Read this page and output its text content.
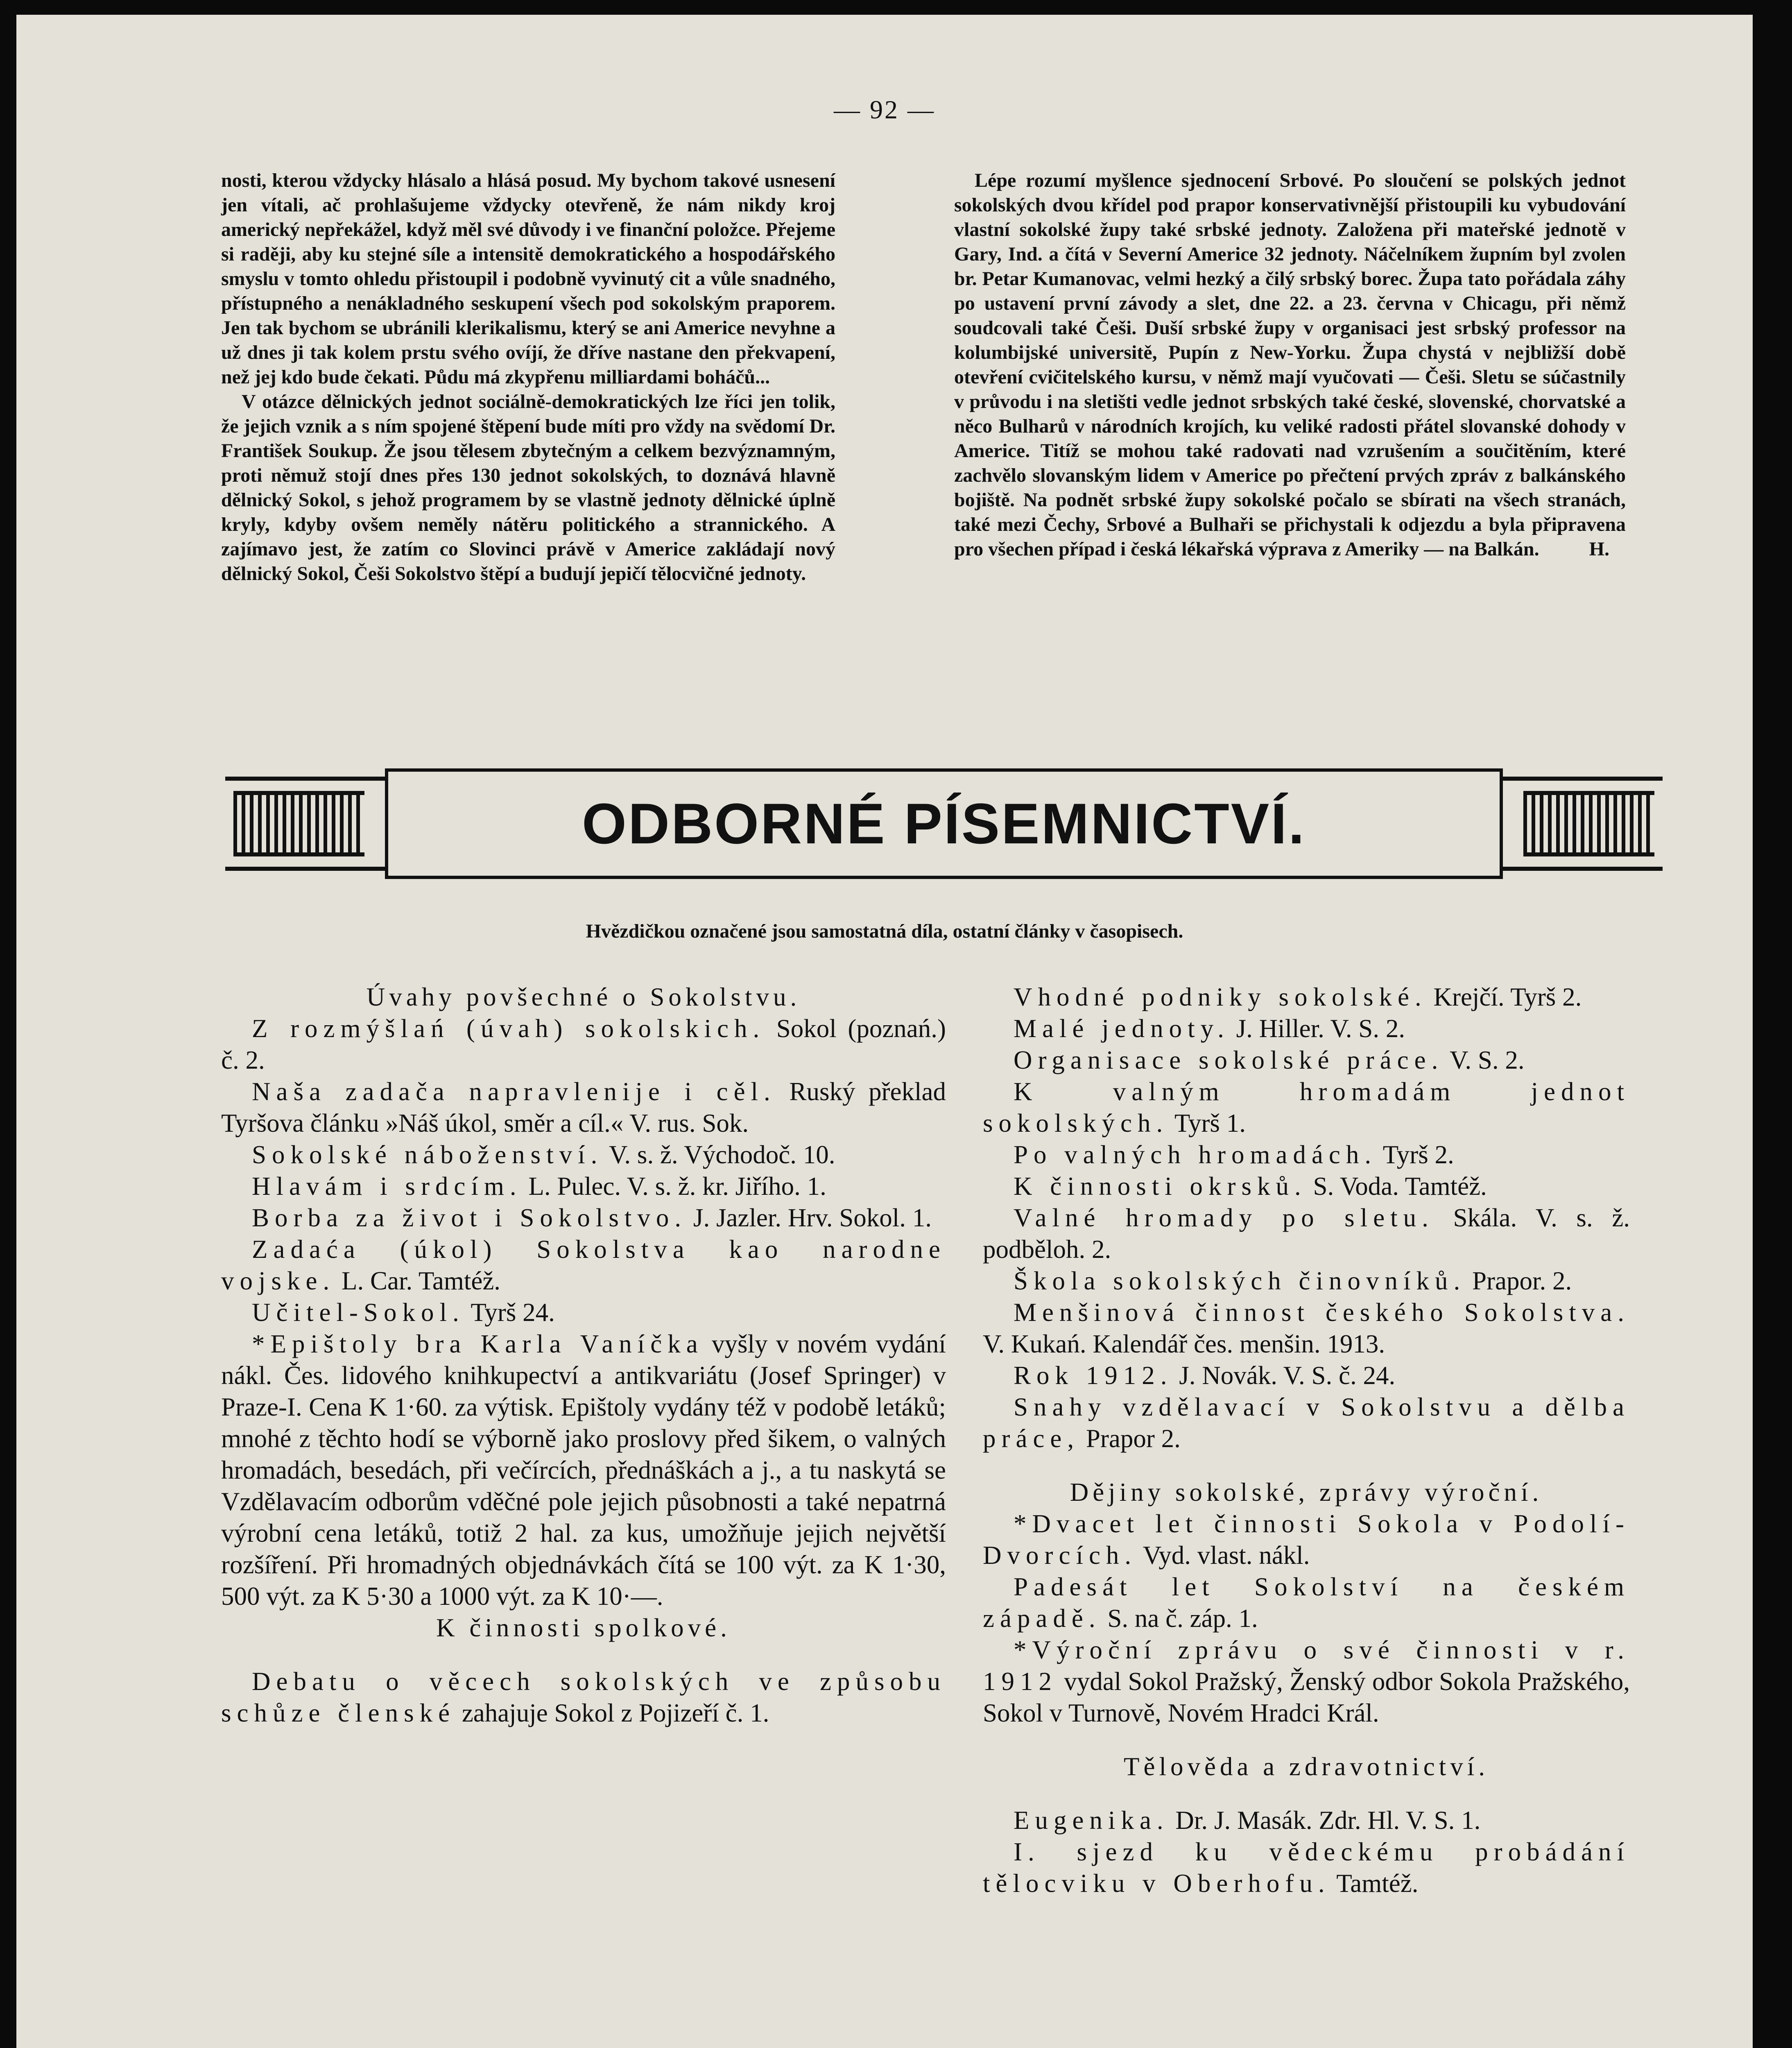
— 92 —

nosti, kterou vždycky hlásalo a hlásá posud. My bychom takové usnesení jen vítali, ač prohlašujeme vždycky otevřeně, že nám nikdy kroj americký nepřekážel, když měl své důvody i ve finanční položce. Přejeme si raději, aby ku stejné síle a intensitě demokratického a hospodářského smyslu v tomto ohledu přistoupil i podobně vyvinutý cit a vůle snadného, přístupného a nenákladného seskupení všech pod sokolským praporem. Jen tak bychom se ubránili klerikalismu, který se ani Americe nevyhne a už dnes ji tak kolem prstu svého ovíjí, že dříve nastane den překvapení, než jej kdo bude čekati. Půdu má zkypřenu milliardami boháčů...

V otázce dělnických jednot sociálně-demokratických lze říci jen tolik, že jejich vznik a s ním spojené štěpení bude míti pro vždy na svědomí Dr. František Soukup. Že jsou tělesem zbytečným a celkem bezvýznamným, proti němuž stojí dnes přes 130 jednot sokolských, to doznává hlavně dělnický Sokol, s jehož programem by se vlastně jednoty dělnické úplně kryly, kdyby ovšem neměly nátěru politického a strannického. A zajímavo jest, že zatím co Slovinci právě v Americe zakládají nový dělnický Sokol, Češi Sokolstvo štěpí a budují jepičí tělocvičné jednoty.

Lépe rozumí myšlence sjednocení Srbové. Po sloučení se polských jednot sokolských dvou křídel pod prapor konservativnější přistoupili ku vybudování vlastní sokolské župy také srbské jednoty. Založena při mateřské jednotě v Gary, Ind. a čítá v Severní Americe 32 jednoty. Náčelníkem župním byl zvolen br. Petar Kumanovac, velmi hezký a čilý srbský borec. Župa tato pořádala záhy po ustavení první závody a slet, dne 22. a 23. června v Chicagu, při němž soudcovali také Češi. Duší srbské župy v organisaci jest srbský professor na kolumbijské universitě, Pupín z New-Yorku. Župa chystá v nejbližší době otevření cvičitelského kursu, v němž mají vyučovati — Češi. Sletu se súčastnily v průvodu i na sletišti vedle jednot srbských také české, slovenské, chorvatské a něco Bulharů v národních krojích, ku veliké radosti přátel slovanské dohody v Americe. Titíž se mohou také radovati nad vzrušením a součitěním, které zachvělo slovanským lidem v Americe po přečtení prvých zpráv z balkánského bojiště. Na podnět srbské župy sokolské počalo se sbírati na všech stranách, také mezi Čechy, Srbové a Bulhaři se přichystali k odjezdu a byla připravena pro všechen případ i česká lékařská výprava z Ameriky — na Balkán.	H.

ODBORNÉ PÍSEMNICTVÍ.
Hvězdičkou označené jsou samostatná díla, ostatní články v časopisech.
Úvahy povšechné o Sokolstvu.

Z rozmýšlań (úvah) sokolskich. Sokol (poznań.) č. 2.

Naša zadača napravlenije i cěl. Ruský překlad Tyršova článku »Náš úkol, směr a cíl.« V. rus. Sok.

Sokolské náboženství. V. s. ž. Východoč. 10.

Hlavám i srdcím. L. Pulec. V. s. ž. kr. Jiřího. 1.

Borba za život i Sokolstvo. J. Jazler. Hrv. Sokol. 1.

Zadaća (úkol) Sokolstva kao narodne vojske. L. Car. Tamtéž.

Učitel-Sokol. Tyrš 24.

*Epištoly bra Karla Vaníčka vyšly v novém vydání nákl. Čes. lidového knihkupectví a antikvariátu (Josef Springer) v Praze-I. Cena K 1·60. za výtisk. Epištoly vydány též v podobě letáků; mnohé z těchto hodí se výborně jako proslovy před šikem, o valných hromadách, besedách, při večírcích, přednáškách a j., a tu naskytá se Vzdělavacím odborům vděčné pole jejich působnosti a také nepatrná výrobní cena letáků, totiž 2 hal. za kus, umožňuje jejich největší rozšíření. Při hromadných objednávkách čítá se 100 výt. za K 1·30, 500 výt. za K 5·30 a 1000 výt. za K 10·—.

K činnosti spolkové.

Debatu o věcech sokolských ve způsobu schůze členské zahajuje Sokol z Pojizeří č. 1.

Vhodné podniky sokolské. Krejčí. Tyrš 2.

Malé jednoty. J. Hiller. V. S. 2.

Organisace sokolské práce. V. S. 2.

K valným hromadám jednot sokolských. Tyrš 1.

Po valných hromadách. Tyrš 2.

K činnosti okrsků. S. Voda. Tamtéž.

Valné hromady po sletu. Skála. V. s. ž. podběloh. 2.

Škola sokolských činovníků. Prapor. 2.

Menšinová činnost českého Sokolstva. V. Kukań. Kalendář čes. menšin. 1913.

Rok 1912. J. Novák. V. S. č. 24.

Snahy vzdělavací v Sokolstvu a dělba práce, Prapor 2.

Dějiny sokolské, zprávy výroční.

*Dvacet let činnosti Sokola v Podolí-Dvorcích. Vyd. vlast. nákl.

Padesát let Sokolství na českém západě. S. na č. záp. 1.

*Výroční zprávu o své činnosti v r. 1912 vydal Sokol Pražský, Ženský odbor Sokola Pražského, Sokol v Turnově, Novém Hradci Král.

Tělověda a zdravotnictví.

Eugenika. Dr. J. Masák. Zdr. Hl. V. S. 1.

I. sjezd ku vědeckému probádání tělocviku v Oberhofu. Tamtéž.
